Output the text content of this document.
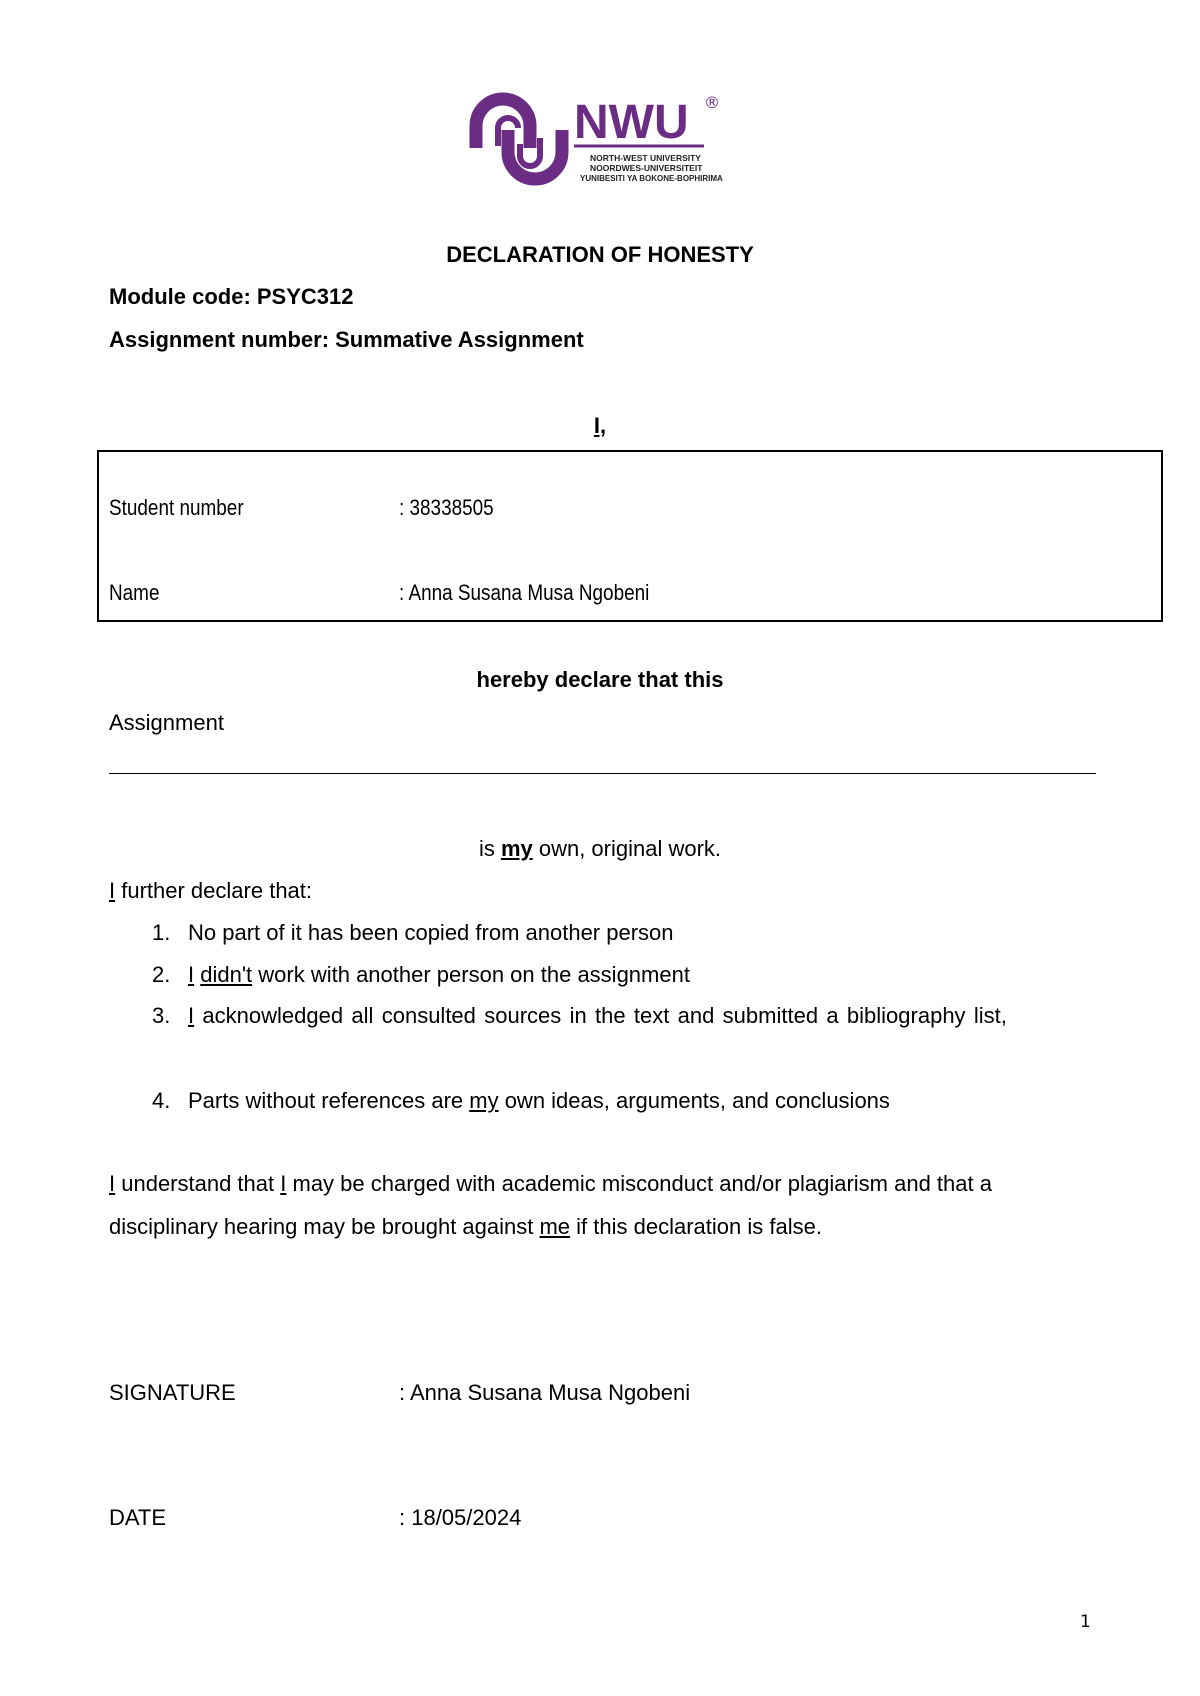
NWU ®
NORTH-WEST UNIVERSITY
NOORDWES-UNIVERSITEIT
YUNIBESITI YA BOKONE-BOPHIRIMA
DECLARATION OF HONESTY
Module code: PSYC312
Assignment number: Summative Assignment
I,
Student number	: 38338505
Name	: Anna Susana Musa Ngobeni
hereby declare that this
Assignment
is my own, original work.
I further declare that:
1. No part of it has been copied from another person
2. I didn't work with another person on the assignment
3. I acknowledged all consulted sources in the text and submitted a bibliography list,
4. Parts without references are my own ideas, arguments, and conclusions
I understand that I may be charged with academic misconduct and/or plagiarism and that a
disciplinary hearing may be brought against me if this declaration is false.
SIGNATURE	: Anna Susana Musa Ngobeni
DATE	: 18/05/2024
1
